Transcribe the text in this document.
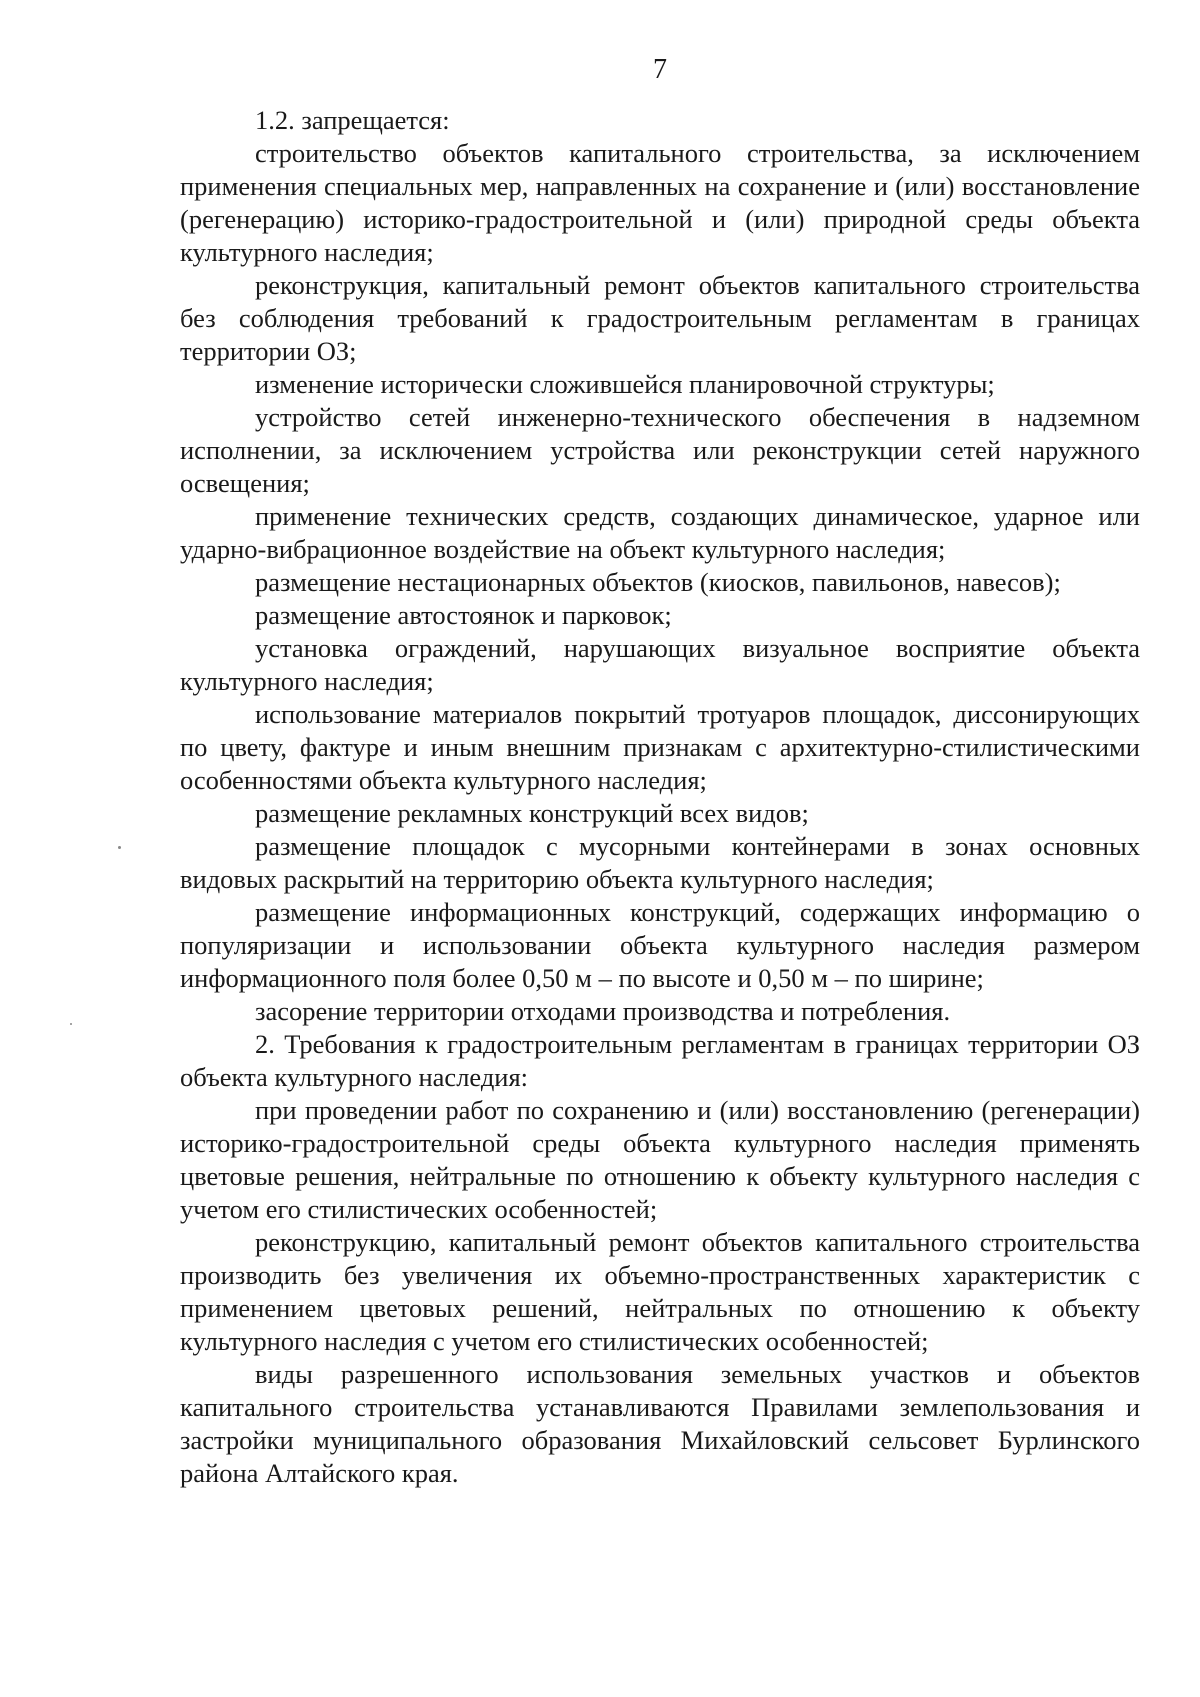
7

1.2. запрещается:

строительство объектов капитального строительства, за исключением применения специальных мер, направленных на сохранение и (или) восстановление (регенерацию) историко-градостроительной и (или) природной среды объекта культурного наследия;

реконструкция, капитальный ремонт объектов капитального строительства без соблюдения требований к градостроительным регламентам в границах территории ОЗ;

изменение исторически сложившейся планировочной структуры;

устройство сетей инженерно-технического обеспечения в надземном исполнении, за исключением устройства или реконструкции сетей наружного освещения;

применение технических средств, создающих динамическое, ударное или ударно-вибрационное воздействие на объект культурного наследия;

размещение нестационарных объектов (киосков, павильонов, навесов);

размещение автостоянок и парковок;

установка ограждений, нарушающих визуальное восприятие объекта культурного наследия;

использование материалов покрытий тротуаров площадок, диссонирующих по цвету, фактуре и иным внешним признакам с архитектурно-стилистическими особенностями объекта культурного наследия;

размещение рекламных конструкций всех видов;

размещение площадок с мусорными контейнерами в зонах основных видовых раскрытий на территорию объекта культурного наследия;

размещение информационных конструкций, содержащих информацию о популяризации и использовании объекта культурного наследия размером информационного поля более 0,50 м – по высоте и 0,50 м – по ширине;

засорение территории отходами производства и потребления.

2. Требования к градостроительным регламентам в границах территории ОЗ объекта культурного наследия:

при проведении работ по сохранению и (или) восстановлению (регенерации) историко-градостроительной среды объекта культурного наследия применять цветовые решения, нейтральные по отношению к объекту культурного наследия с учетом его стилистических особенностей;

реконструкцию, капитальный ремонт объектов капитального строительства производить без увеличения их объемно-пространственных характеристик с применением цветовых решений, нейтральных по отношению к объекту культурного наследия с учетом его стилистических особенностей;

виды разрешенного использования земельных участков и объектов капитального строительства устанавливаются Правилами землепользования и застройки муниципального образования Михайловский сельсовет Бурлинского района Алтайского края.
